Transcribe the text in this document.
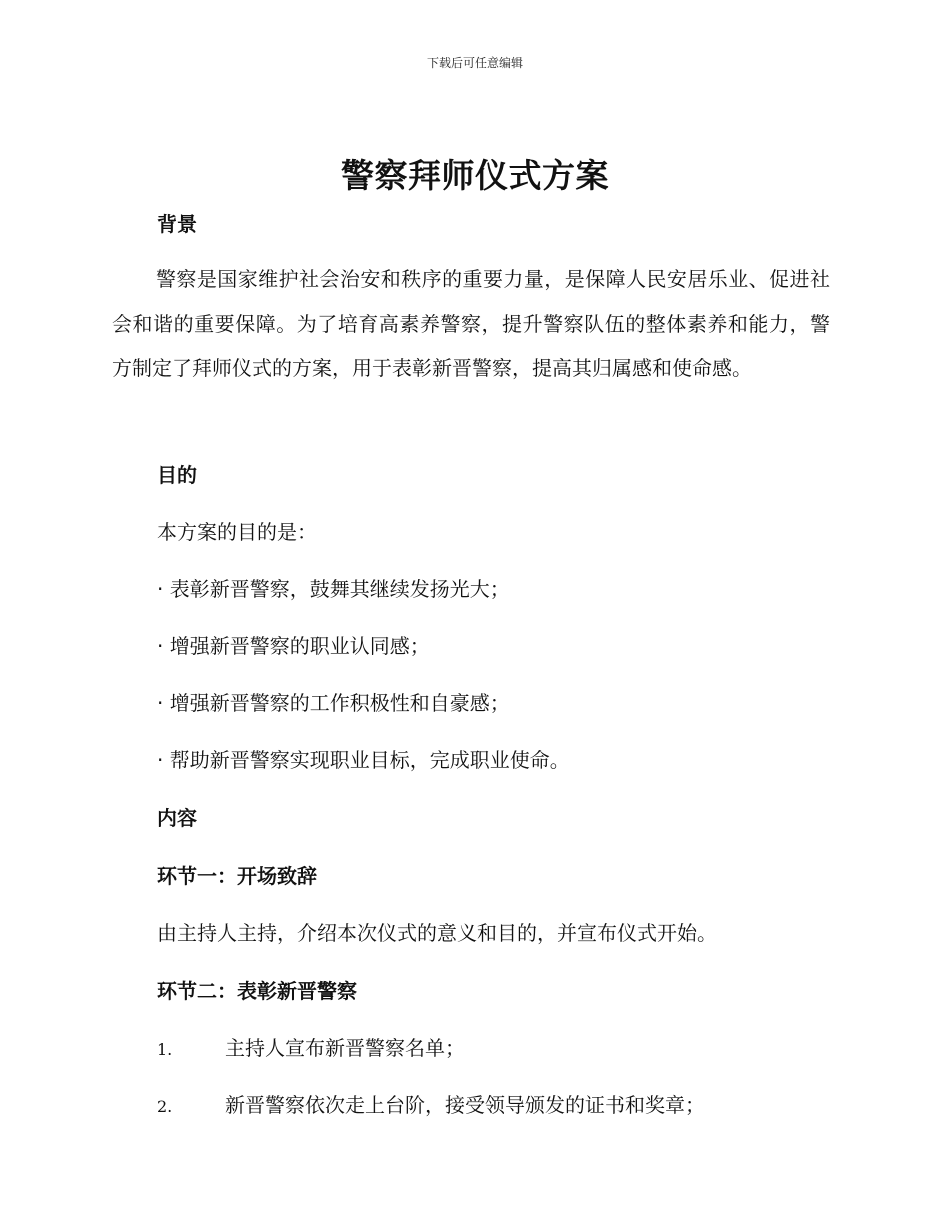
下载后可任意编辑
警察拜师仪式方案
背景
警察是国家维护社会治安和秩序的重要力量，是保障人民安居乐业、促进社会和谐的重要保障。为了培育高素养警察，提升警察队伍的整体素养和能力，警方制定了拜师仪式的方案，用于表彰新晋警察，提高其归属感和使命感。
目的
本方案的目的是：
· 表彰新晋警察，鼓舞其继续发扬光大；
· 增强新晋警察的职业认同感；
· 增强新晋警察的工作积极性和自豪感；
· 帮助新晋警察实现职业目标，完成职业使命。
内容
环节一：开场致辞
由主持人主持，介绍本次仪式的意义和目的，并宣布仪式开始。
环节二：表彰新晋警察
1.	主持人宣布新晋警察名单；
2.	新晋警察依次走上台阶，接受领导颁发的证书和奖章；
